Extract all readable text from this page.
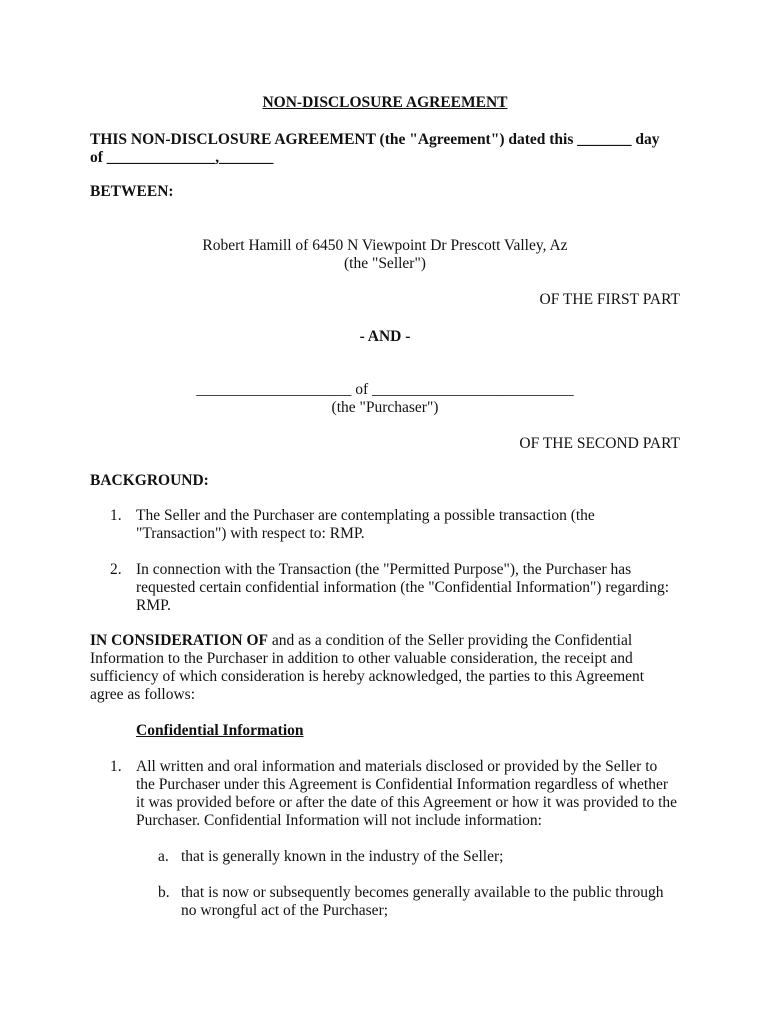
NON-DISCLOSURE AGREEMENT
THIS NON-DISCLOSURE AGREEMENT (the "Agreement") dated this _______ day
of ______________,_______
BETWEEN:
Robert Hamill of 6450 N Viewpoint Dr Prescott Valley, Az
(the "Seller")
OF THE FIRST PART
- AND -
____________________ of __________________________
(the "Purchaser")
OF THE SECOND PART
BACKGROUND:
1. The Seller and the Purchaser are contemplating a possible transaction (the "Transaction") with respect to: RMP.
2. In connection with the Transaction (the "Permitted Purpose"), the Purchaser has requested certain confidential information (the "Confidential Information") regarding: RMP.
IN CONSIDERATION OF and as a condition of the Seller providing the Confidential Information to the Purchaser in addition to other valuable consideration, the receipt and sufficiency of which consideration is hereby acknowledged, the parties to this Agreement agree as follows:
Confidential Information
1. All written and oral information and materials disclosed or provided by the Seller to the Purchaser under this Agreement is Confidential Information regardless of whether it was provided before or after the date of this Agreement or how it was provided to the Purchaser. Confidential Information will not include information:
a. that is generally known in the industry of the Seller;
b. that is now or subsequently becomes generally available to the public through no wrongful act of the Purchaser;
